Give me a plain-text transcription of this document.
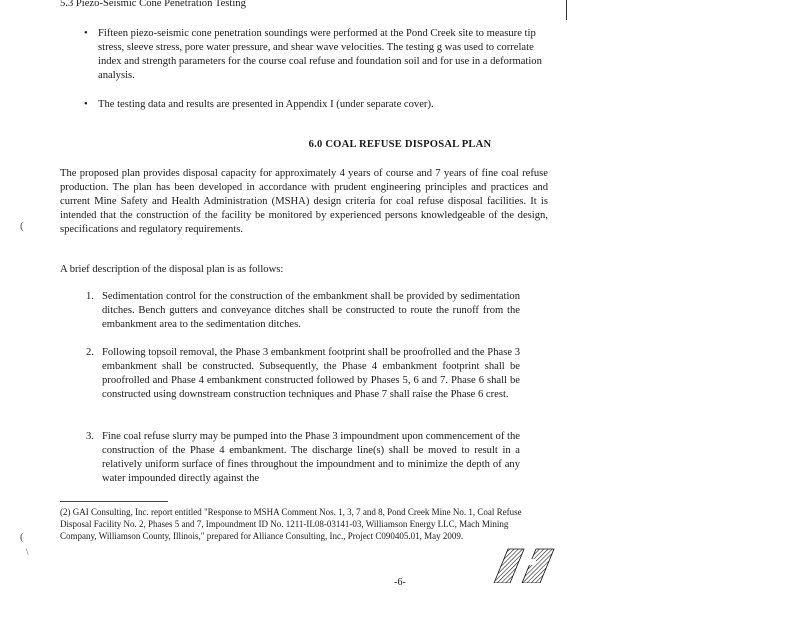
5.3 Piezo-Seismic Cone Penetration Testing
• Fifteen piezo-seismic cone penetration soundings were performed at the Pond Creek site to measure tip stress, sleeve stress, pore water pressure, and shear wave velocities. The testing g was used to correlate index and strength parameters for the course coal refuse and foundation soil and for use in a deformation analysis.
• The testing data and results are presented in Appendix I (under separate cover).
6.0 COAL REFUSE DISPOSAL PLAN
The proposed plan provides disposal capacity for approximately 4 years of course and 7 years of fine coal refuse production. The plan has been developed in accordance with prudent engineering principles and practices and current Mine Safety and Health Administration (MSHA) design criteria for coal refuse disposal facilities. It is intended that the construction of the facility be monitored by experienced persons knowledgeable of the design, specifications and regulatory requirements.
A brief description of the disposal plan is as follows:
1. Sedimentation control for the construction of the embankment shall be provided by sedimentation ditches. Bench gutters and conveyance ditches shall be constructed to route the runoff from the embankment area to the sedimentation ditches.
2. Following topsoil removal, the Phase 3 embankment footprint shall be proofrolled and the Phase 3 embankment shall be constructed. Subsequently, the Phase 4 embankment footprint shall be proofrolled and Phase 4 embankment constructed followed by Phases 5, 6 and 7. Phase 6 shall be constructed using downstream construction techniques and Phase 7 shall raise the Phase 6 crest.
3. Fine coal refuse slurry may be pumped into the Phase 3 impoundment upon commencement of the construction of the Phase 4 embankment. The discharge line(s) shall be moved to result in a relatively uniform surface of fines throughout the impoundment and to minimize the depth of any water impounded directly against the
(2) GAI Consulting, Inc. report entitled "Response to MSHA Comment Nos. 1, 3, 7 and 8, Pond Creek Mine No. 1, Coal Refuse Disposal Facility No. 2, Phases 5 and 7, Impoundment ID No. 1211-IL08-03141-03, Williamson Energy LLC, Mach Mining Company, Williamson County, Illinois," prepared for Alliance Consulting, Inc., Project C090405.01, May 2009.
(
(
\
-6-
